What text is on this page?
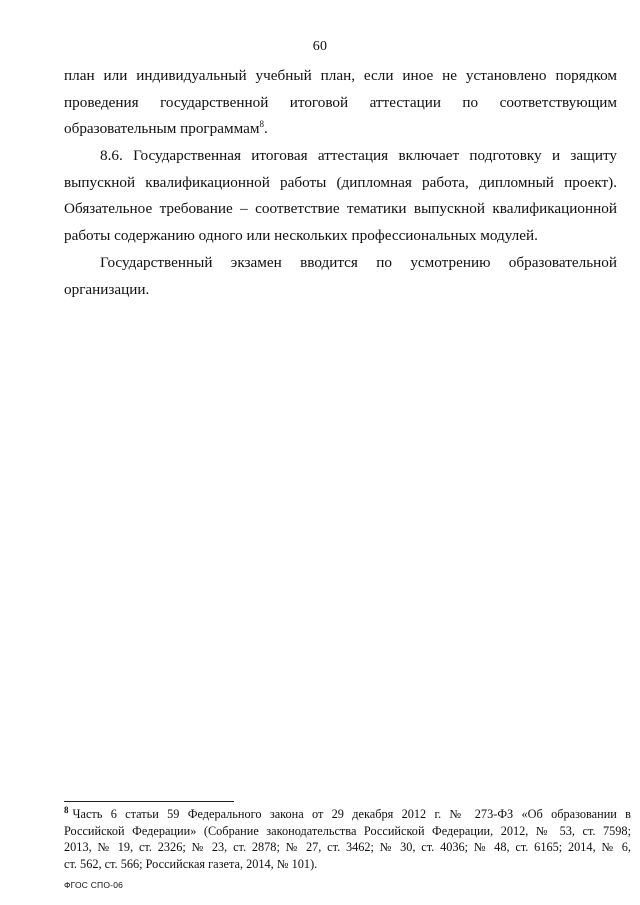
60
план или индивидуальный учебный план, если иное не установлено порядком
проведения государственной итоговой аттестации по соответствующим
образовательным программам$^8$.
8.6. Государственная итоговая аттестация включает подготовку и защиту
выпускной квалификационной работы (дипломная работа, дипломный проект).
Обязательное требование – соответствие тематики выпускной квалификационной
работы содержанию одного или нескольких профессиональных модулей.
Государственный экзамен вводится по усмотрению образовательной
организации.
$^8$ Часть 6 статьи 59 Федерального закона от 29 декабря 2012 г. № 273-ФЗ «Об образовании в
Российской Федерации» (Собрание законодательства Российской Федерации, 2012, № 53, ст. 7598;
2013, № 19, ст. 2326; № 23, ст. 2878; № 27, ст. 3462; № 30, ст. 4036; № 48, ст. 6165; 2014, № 6,
ст. 562, ст. 566; Российская газета, 2014, № 101).
ФГОС СПО-06
